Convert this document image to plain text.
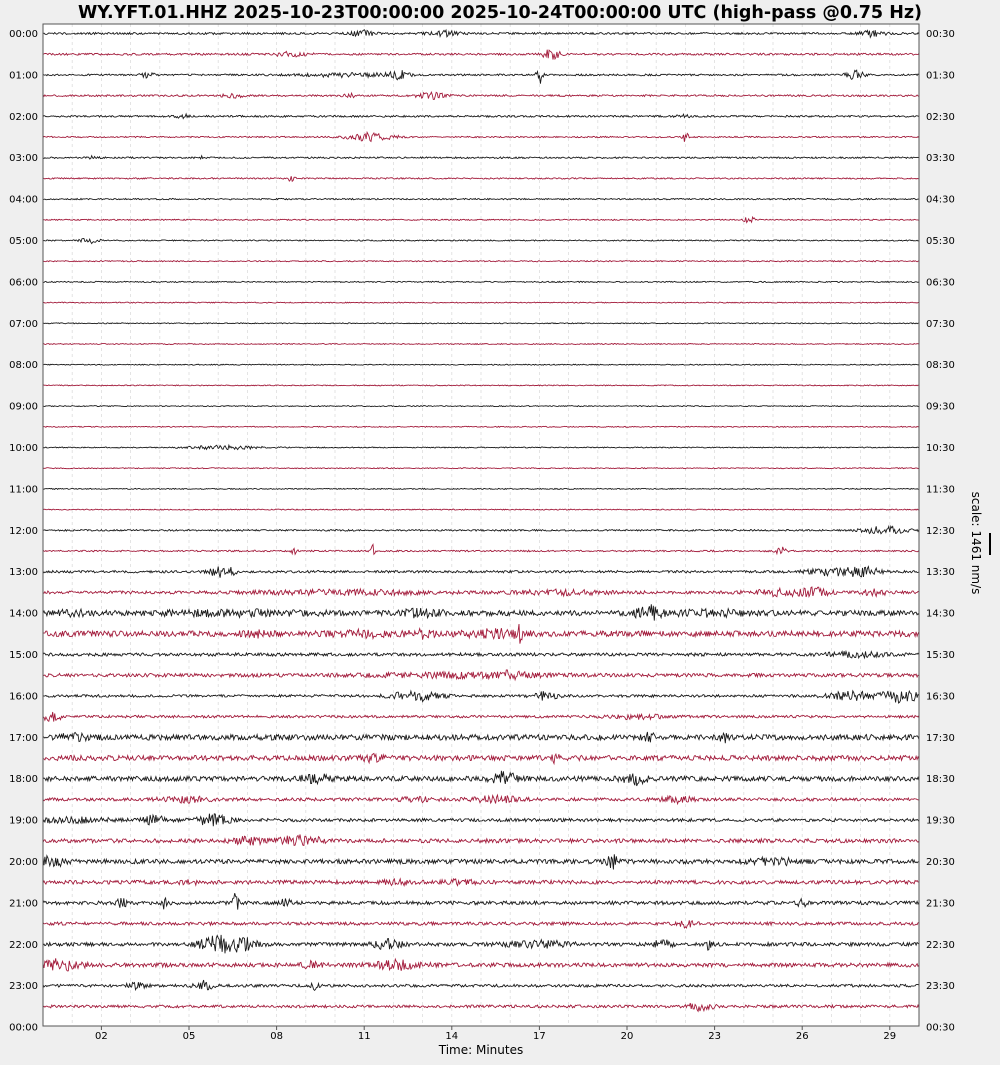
WY.YFT.01.HHZ 2025-10-23T00:00:00 2025-10-24T00:00:00 UTC (high-pass @0.75 Hz)
00:00
01:00
02:00
03:00
04:00
05:00
06:00
07:00
08:00
09:00
10:00
11:00
12:00
13:00
14:00
15:00
16:00
17:00
18:00
19:00
20:00
21:00
22:00
23:00
00:00
00:30
01:30
02:30
03:30
04:30
05:30
06:30
07:30
08:30
09:30
10:30
11:30
12:30
13:30
14:30
15:30
16:30
17:30
18:30
19:30
20:30
21:30
22:30
23:30
00:30
02	05	08	11	14	17	20	23	26	29
Time: Minutes
scale: 1461 nm/s
